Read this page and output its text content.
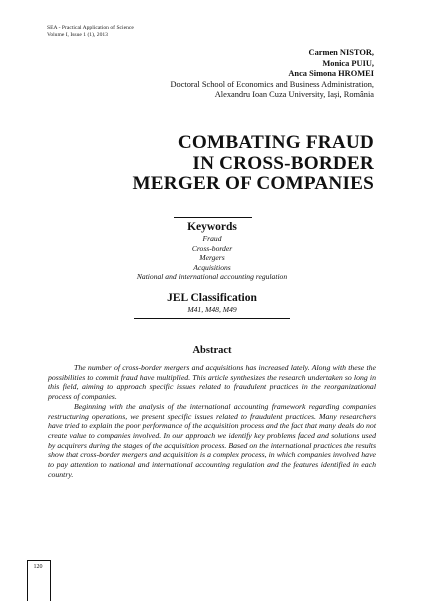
SEA - Practical Application of Science
Volume I, Issue 1 (1), 2013
Carmen NISTOR,
Monica PUIU,
Anca Simona HROMEI
Doctoral School of Economics and Business Administration,
Alexandru Ioan Cuza University, Iași, România
COMBATING FRAUD
IN CROSS-BORDER
MERGER OF COMPANIES
Keywords
Fraud
Cross-border
Mergers
Acquisitions
National and international accounting regulation
JEL Classification
M41, M48, M49
Abstract

The number of cross-border mergers and acquisitions has increased lately. Along with these the possibilities to commit fraud have multiplied. This article synthesizes the research undertaken so long in this field, aiming to approach specific issues related to fraudulent practices in the reorganizational process of companies.

Beginning with the analysis of the international accounting framework regarding companies restructuring operations, we present specific issues related to fraudulent practices. Many researchers have tried to explain the poor performance of the acquisition process and the fact that many deals do not create value to companies involved. In our approach we identify key problems faced and solutions used by acquirers during the stages of the acquisition process. Based on the international practices the results show that cross-border mergers and acquisition is a complex process, in which companies involved have to pay attention to national and international accounting regulation and the features identified in each country.

120
